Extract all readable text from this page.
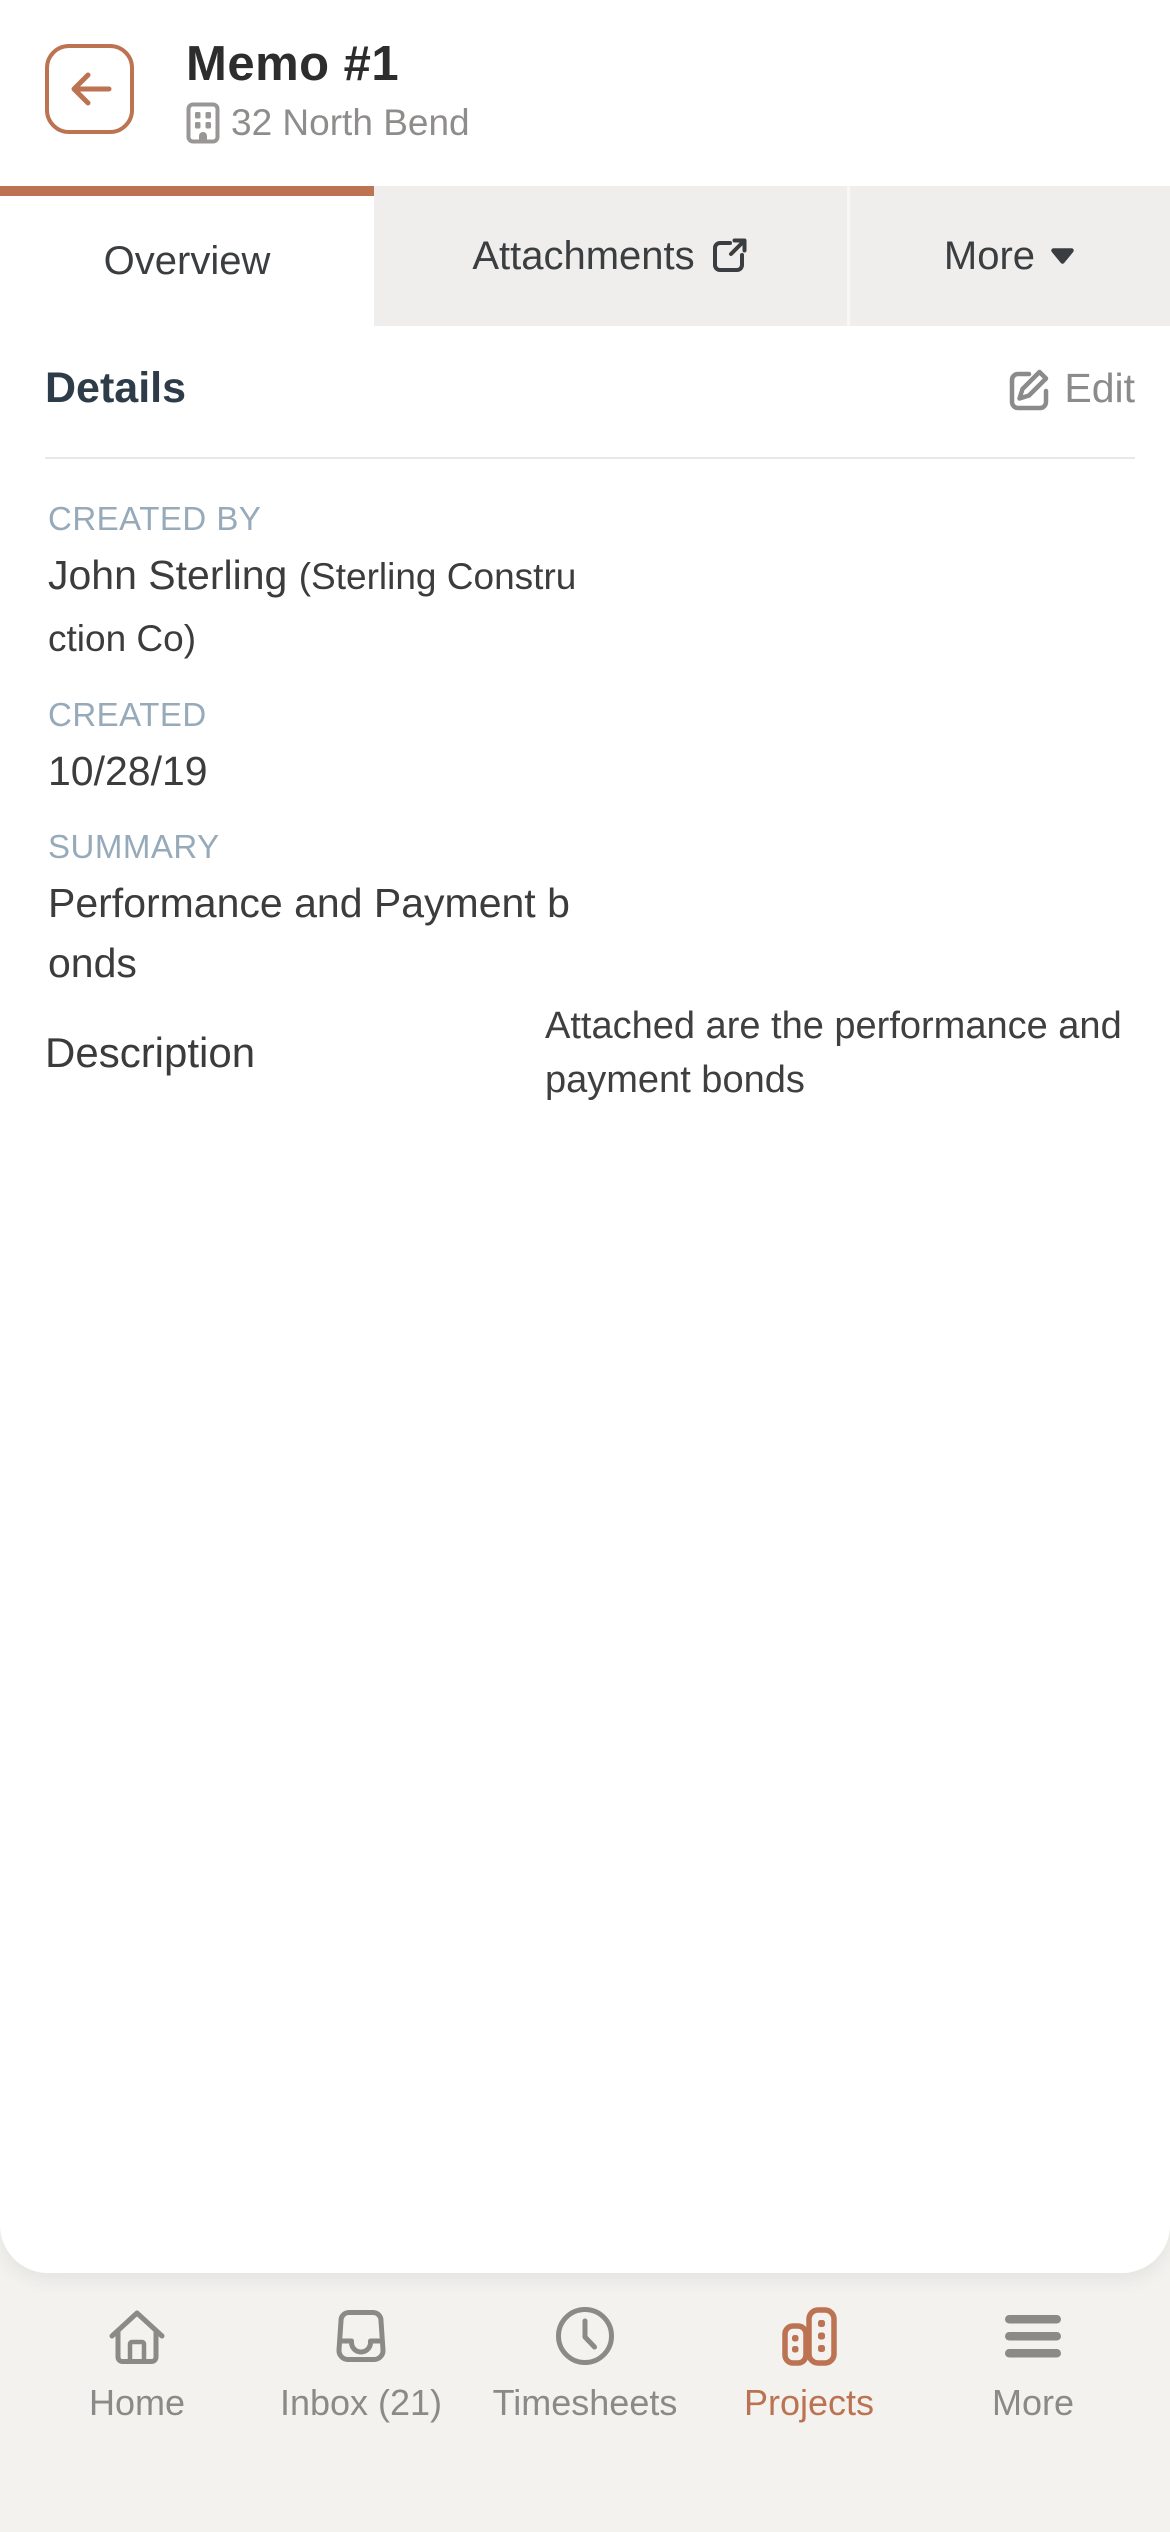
Memo #1
32 North Bend
Overview	Attachments	More
Details	Edit
CREATED BY
John Sterling (Sterling Construction Co)
CREATED
10/28/19
SUMMARY
Performance and Payment bonds
Description
Attached are the performance and payment bonds
Home	Inbox (21) Timesheets Projects	More
